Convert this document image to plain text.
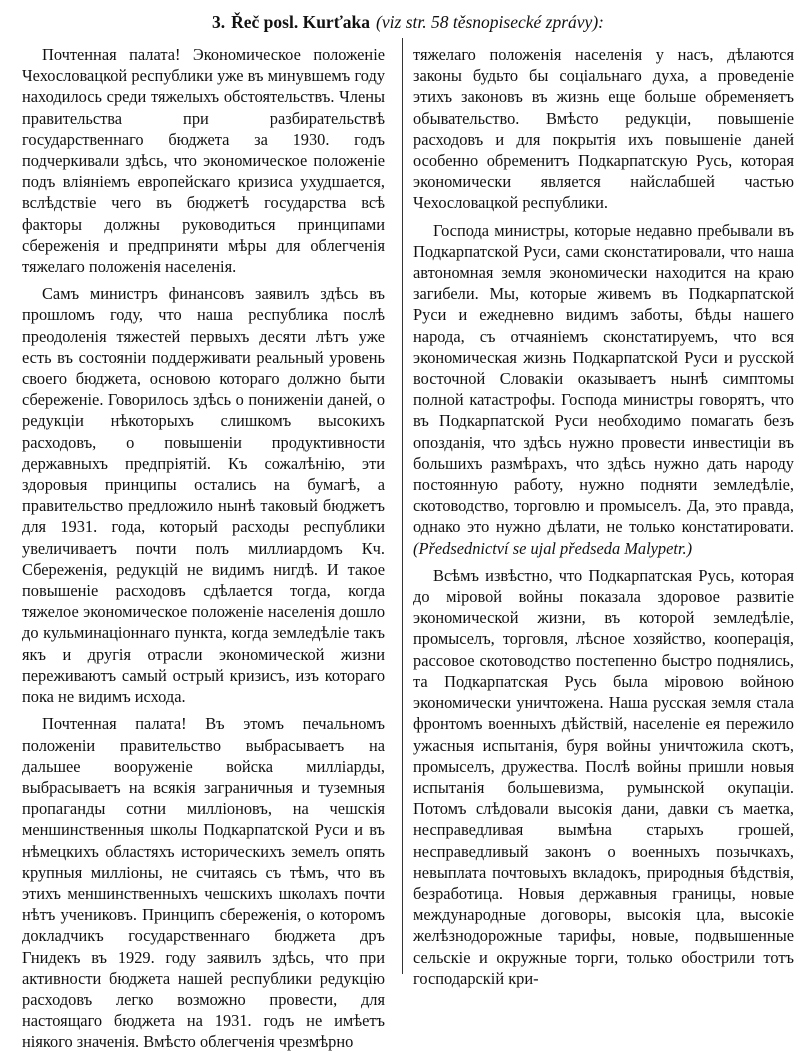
3. Řeč posl. Kurťaka (viz str. 58 těsnopisecké zprávy):

Почтенная палата! Экономическое положеніе Чехословацкой республики уже въ минувшемъ году находилось среди тяжелыхъ обстоятельствъ. Члены правительства при разбирательствѣ государственнаго бюджета за 1930. годъ подчеркивали здѣсь, что экономическое положеніе подъ вліяніемъ европейскаго кризиса ухудшается, вслѣдствіе чего въ бюджетѣ государства всѣ факторы должны руководиться принципами сбереженія и предприняти мѣры для облегченія тяжелаго положенія населенія.

Самъ министръ финансовъ заявилъ здѣсь въ прошломъ году, что наша республика послѣ преодоленія тяжестей первыхъ десяти лѣтъ уже есть въ состояніи поддерживати реальный уровень своего бюджета, основою котораго должно быти сбереженіе. Говорилось здѣсь о пониженіи даней, о редукціи нѣкоторыхъ слишкомъ высокихъ расходовъ, о повышеніи продуктивности державныхъ предпріятій. Къ сожалѣнію, эти здоровыя принципы остались на бумагѣ, а правительство предложило нынѣ таковый бюджетъ для 1931. года, который расходы республики увеличиваетъ почти полъ миллиардомъ Кч. Сбереженія, редукцій не видимъ нигдѣ. И такое повышеніе расходовъ сдѣлается тогда, когда тяжелое экономическое положеніе населенія дошло до кульминаціоннаго пункта, когда земледѣліе такъ якъ и другія отрасли экономической жизни переживаютъ самый острый кризисъ, изъ котораго пока не видимъ исхода.

Почтенная палата! Въ этомъ печальномъ положеніи правительство выбрасываетъ на дальшее вооруженіе войска милліарды, выбрасываетъ на всякія заграничныя и туземныя пропаганды сотни милліоновъ, на чешскія меншинственныя школы Подкарпатской Руси и въ нѣмецкихъ областяхъ историческихъ земелъ опять крупныя милліоны, не считаясь съ тѣмъ, что въ этихъ меншинственныхъ чешскихъ школахъ почти нѣтъ учениковъ. Принципъ сбереженія, о которомъ докладчикъ государственнаго бюджета дръ Гнидекъ въ 1929. году заявилъ здѣсь, что при активности бюджета нашей республики редукцію расходовъ легко возможно провести, для настоящаго бюджета на 1931. годъ не имѣетъ ніякого значенія. Вмѣсто облегченія чрезмѣрно

тяжелаго положенія населенія у насъ, дѣлаются законы будьто бы соціальнаго духа, а проведеніе этихъ законовъ въ жизнь еще больше обременяетъ обывательство. Вмѣсто редукціи, повышеніе расходовъ и для покрытія ихъ повышеніе даней особенно обременитъ Подкарпатскую Русь, которая экономически является найслабшей частью Чехословацкой республики.

Господа министры, которые недавно пребывали въ Подкарпатской Руси, сами сконстатировали, что наша автономная земля экономически находится на краю загибели. Мы, которые живемъ въ Подкарпатской Руси и ежедневно видимъ заботы, бѣды нашего народа, съ отчаяніемъ сконстатируемъ, что вся экономическая жизнь Подкарпатской Руси и русской восточной Словакіи оказываетъ нынѣ симптомы полной катастрофы. Господа министры говорятъ, что въ Подкарпатской Руси необходимо помагать безъ опозданія, что здѣсь нужно провести инвестиціи въ большихъ размѣрахъ, что здѣсь нужно дать народу постоянную работу, нужно подняти земледѣліе, скотоводство, торговлю и промыселъ. Да, это правда, однако это нужно дѣлати, не только констатировати. (Předsednictví se ujal předseda Malypetr.)

Всѣмъ извѣстно, что Подкарпатская Русь, которая до міровой войны показала здоровое развитіе экономической жизни, въ которой земледѣліе, промыселъ, торговля, лѣсное хозяйство, кооперація, рассовое скотоводство постепенно быстро поднялись, та Подкарпатская Русь была міровою войною экономически уничтожена. Наша русская земля стала фронтомъ военныхъ дѣйствій, населеніе ея пережило ужасныя испытанія, буря войны уничтожила скотъ, промыселъ, дружества. Послѣ войны пришли новыя испытанія большевизма, румынской окупаціи. Потомъ слѣдовали высокія дани, давки съ маетка, несправедливая вымѣна старыхъ грошей, несправедливый законъ о военныхъ позычкахъ, невыплата почтовыхъ вкладокъ, природныя бѣдствія, безработица. Новыя державныя границы, новые международные договоры, высокія цла, высокіе желѣзнодорожные тарифы, новые, подвышенные сельскіе и окружные торги, только обострили тотъ господарскій кри-
